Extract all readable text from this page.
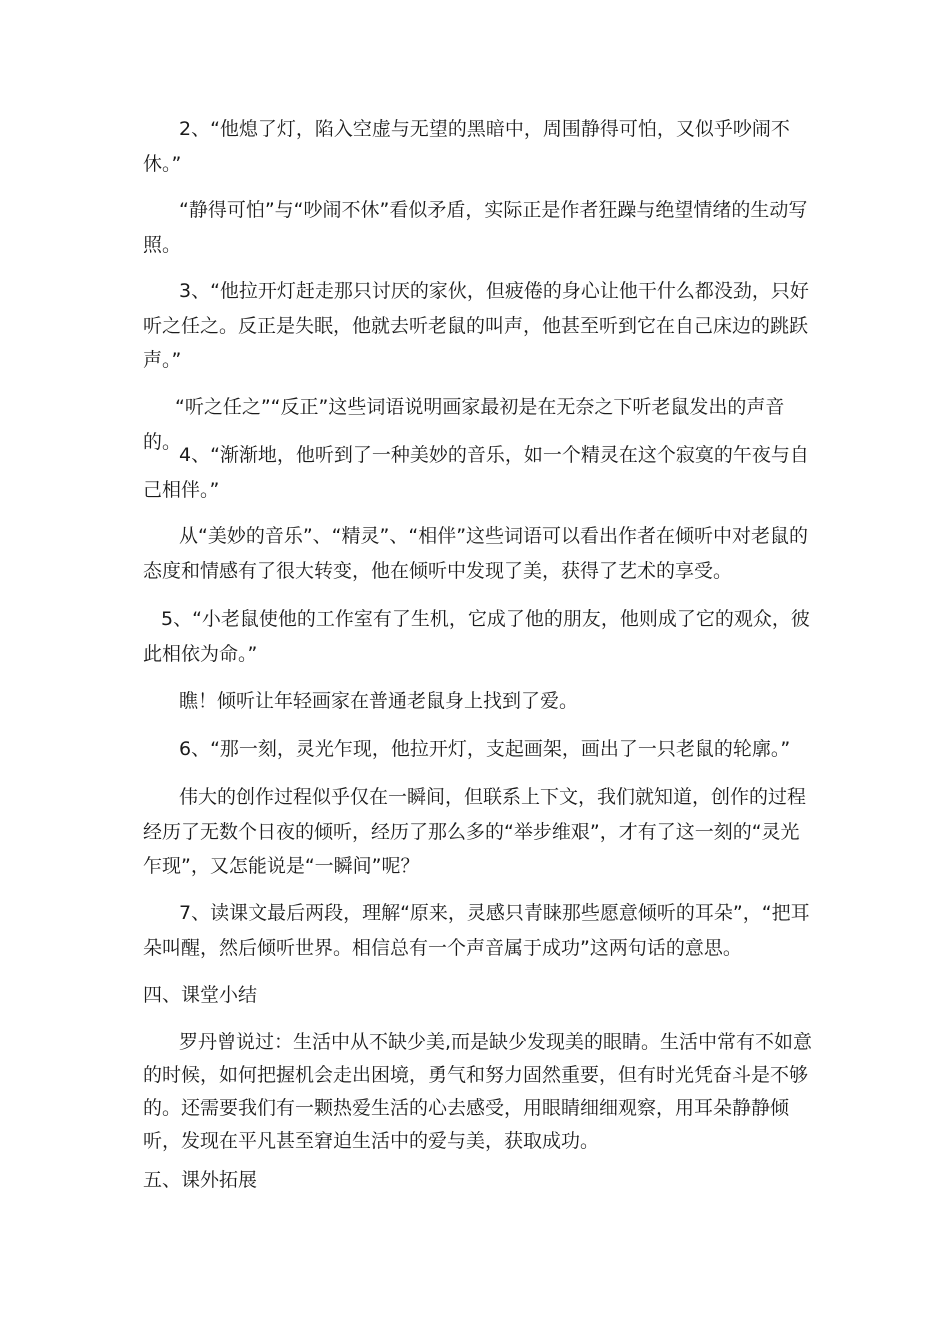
2、“他熄了灯，陷入空虚与无望的黑暗中，周围静得可怕，又似乎吵闹不休。”

“静得可怕”与“吵闹不休”看似矛盾，实际正是作者狂躁与绝望情绪的生动写照。

3、“他拉开灯赶走那只讨厌的家伙，但疲倦的身心让他干什么都没劲，只好听之任之。反正是失眠，他就去听老鼠的叫声，他甚至听到它在自己床边的跳跃声。”

“听之任之”“反正”这些词语说明画家最初是在无奈之下听老鼠发出的声音的。

4、“渐渐地，他听到了一种美妙的音乐，如一个精灵在这个寂寞的午夜与自己相伴。”

从“美妙的音乐”、“精灵”、“相伴”这些词语可以看出作者在倾听中对老鼠的态度和情感有了很大转变，他在倾听中发现了美，获得了艺术的享受。

5、“小老鼠使他的工作室有了生机，它成了他的朋友，他则成了它的观众，彼此相依为命。”

瞧！倾听让年轻画家在普通老鼠身上找到了爱。

6、“那一刻，灵光乍现，他拉开灯，支起画架，画出了一只老鼠的轮廓。”

伟大的创作过程似乎仅在一瞬间，但联系上下文，我们就知道，创作的过程经历了无数个日夜的倾听，经历了那么多的“举步维艰”，才有了这一刻的“灵光乍现”，又怎能说是“一瞬间”呢？

7、读课文最后两段，理解“原来，灵感只青睐那些愿意倾听的耳朵”，“把耳朵叫醒，然后倾听世界。相信总有一个声音属于成功”这两句话的意思。

四、课堂小结

罗丹曾说过：生活中从不缺少美,而是缺少发现美的眼睛。生活中常有不如意的时候，如何把握机会走出困境，勇气和努力固然重要，但有时光凭奋斗是不够的。还需要我们有一颗热爱生活的心去感受，用眼睛细细观察，用耳朵静静倾听，发现在平凡甚至窘迫生活中的爱与美，获取成功。

五、课外拓展
